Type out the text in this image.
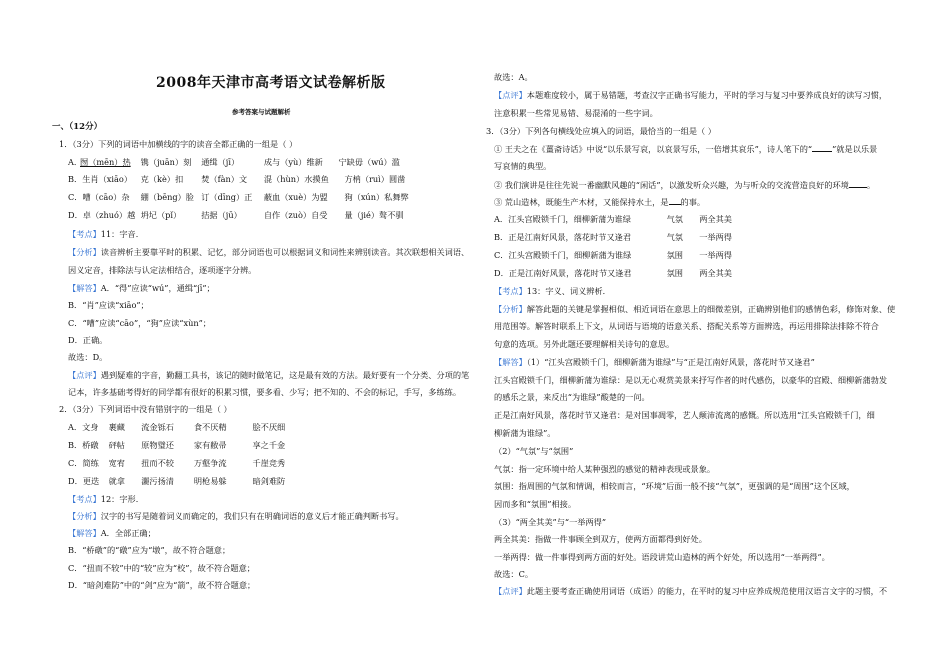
2008年天津市高考语文试卷解析版
参考答案与试题解析
一、（12分）
1．（3分）下列的词语中加横线的字的读音全都正确的一组是（ ）
A．
囫（mēn）热 镌（juān）刻 通缉（jī）	成与（yù）维新 宁缺毋（wú）滥
B．生肖（xiāo） 克（kè）扣 焚（fàn）文 混（hùn）水摸鱼 方枘（ruì）圆凿
C．嘈（cāo）杂 綳（bēng）脸 订（dīng）正 蔽血（xuè）为盟 狗（xún）私舞弊
D．卓（zhuó）越 坍圮（pǐ） 拮据（jū）	自作（zuò）自受 量（jié）骜不驯
【考点】11：字音．
【分析】读音辨析主要靠平时的积累、记忆，部分词语也可以根据词义和词性来辨别读音。其次联想相关词语、
因义定音，排除法与认定法相结合，逐项逐字分辨。
【解答】A．“得”应读“wú”，通缉“jī”；
B．“肖”应读“xiāo”；
C．“嘈”应读“cāo”，“狗”应读“xùn”；
D．正确。
故选：D。
【点评】遇到疑难的字音，勤翻工具书，该记的随时做笔记，这是最有效的方法。最好要有一个分类、分项的笔
记本，许多基础考得好的同学都有很好的积累习惯，要多看、少写；把不知的、不会的标记，手写，多练练。
2．（3分）下列词语中没有错别字的一组是（ ）
A．文身 裹藏 流金铄石 食不厌精	脍不厌细
B．桥礅 砰帖 原物璧还 家有敝帚	享之千金
C．简练 宽宥 扭而不较 万壑争流	千崖竞秀
D．更迭 就拿 灑污扬清 明枪易躲	暗剑难防
【考点】12：字形．
【分析】汉字的书写是随着词义而确定的，我们只有在明确词语的意义后才能正确判断书写。
【解答】A．全部正确；
B．“桥礅”的“礅”应为“墩”，故不符合题意；
C．“扭而不较”中的“较”应为“校”，故不符合题意；
D．“暗剑难防”中的“剑”应为“箭”，故不符合题意；
故选：A。
【点评】本题难度较小，属于易错题，考查汉字正确书写能力，平时的学习与复习中要养成良好的读写习惯，
注意积累一些常见易错、易混淆的一些字词。
3．（3分）下列各句横线处应填入的词语，最恰当的一组是（ ）
① 王夫之在《薑斋诗话》中说“以乐景写哀，以哀景写乐，一倍增其哀乐”，诗人笔下的“ ”就是以乐景
写哀情的典型。
② 我们演讲是往往先说一番幽默风趣的“闲话”，以激发听众兴趣，为与听众的交流营造良好的环境 。
③ 荒山造林，既能生产木材，又能保持水土，是 的事。
A．江头宫殿锁千门，细柳新蒲为谁绿	气氛 两全其美
B．正是江南好风景，落花时节又逢君	气氛 一举两得
C．江头宫殿锁千门，细柳新蒲为谁绿	氛围 一举两得
D．正是江南好风景，落花时节又逢君	氛围 两全其美
【考点】13：字义、词义辨析．
【分析】解答此题的关键是掌握相似、相近词语在意思上的细微差别，正确辨别他们的感情色彩，修饰对象、使
用范围等。解答时联系上下文，从词语与语境的语意关系、搭配关系等方面辨选，再运用排除法排除不符合
句意的选项。另外此题还要理解相关诗句的意思。
【解答】（1）“江头宫殿锁千门，细柳新蒲为谁绿”与“正是江南好风景，落花时节又逢君”
江头宫殿锁千门，细柳新蒲为谁绿：是以无心观赏美景来抒写作者的时代感伤，以豪华的宫殿、细柳新蒲勃发
的感乐之景，来反出“为谁绿”酸楚的一问。
正是江南好风景，落花时节又逢君：是对国事凋零，艺人颠沛流离的感慨。所以选用“江头宫殿锁千门，细
柳新蒲为谁绿”。
（2）“气氛”与“氛围”
气氛：指一定环境中给人某种强烈的感觉的精神表现或景象。
氛围：指周围的气氛和情调，相较而言，“环境”后面一般不接“气氛”，更强调的是“周围”这个区域，
因而多和“氛围”相接。
（3）“两全其美”与“一举两得”
两全其美：指做一件事顾全到双方，使两方面都得到好处。
一举两得：做一件事得到两方面的好处。语段讲荒山造林的两个好处，所以选用“一举两得”。
故选：C。
【点评】此题主要考查正确使用词语（成语）的能力，在平时的复习中应养成规范使用汉语言文字的习惯，不
